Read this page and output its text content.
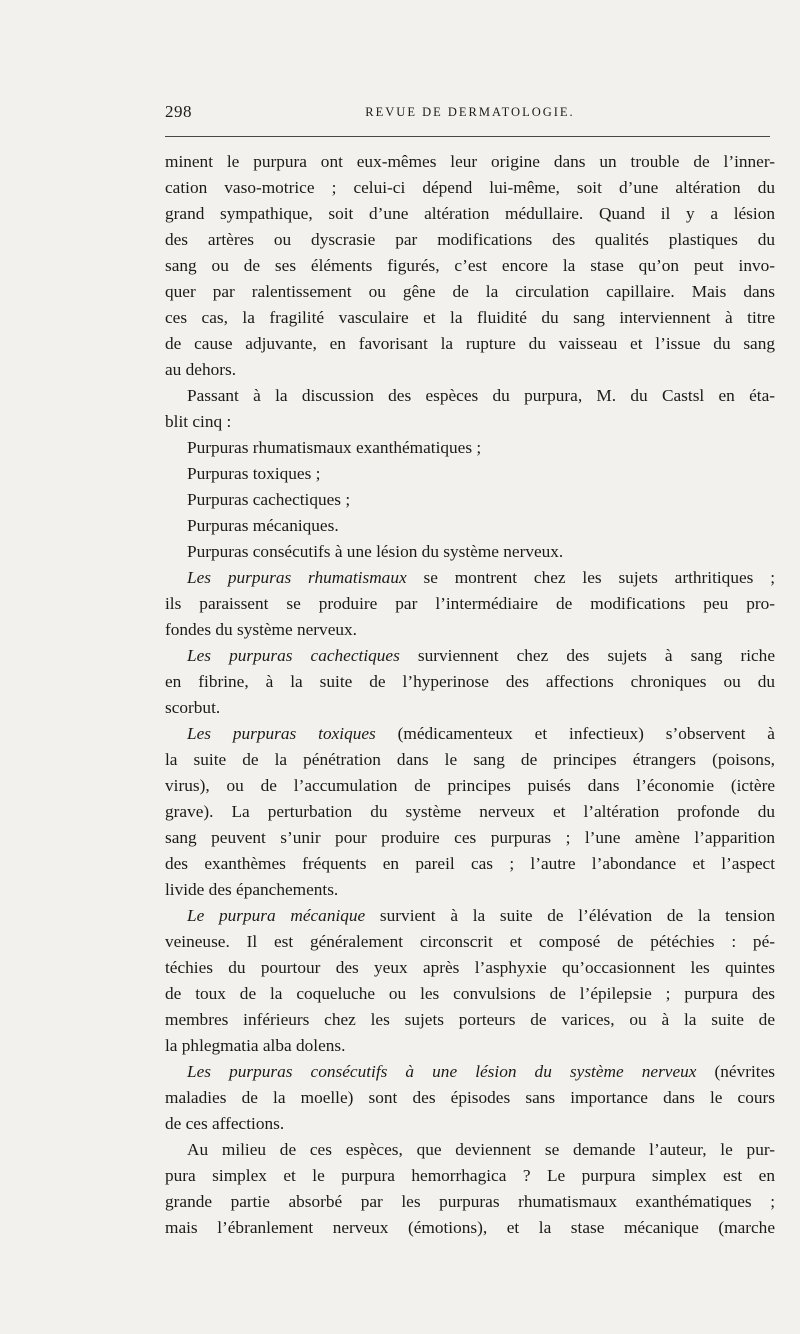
298	REVUE DE DERMATOLOGIE.
minent le purpura ont eux-mêmes leur origine dans un trouble de l’inner-
cation vaso-motrice ; celui-ci dépend lui-même, soit d’une altération du
grand sympathique, soit d’une altération médullaire. Quand il y a lésion
des artères ou dyscrasie par modifications des qualités plastiques du
sang ou de ses éléments figurés, c’est encore la stase qu’on peut invo-
quer par ralentissement ou gêne de la circulation capillaire. Mais dans
ces cas, la fragilité vasculaire et la fluidité du sang interviennent à titre
de cause adjuvante, en favorisant la rupture du vaisseau et l’issue du sang
au dehors.
Passant à la discussion des espèces du purpura, M. du Castsl en éta-
blit cinq :
Purpuras rhumatismaux exanthématiques ;
Purpuras toxiques ;
Purpuras cachectiques ;
Purpuras mécaniques.
Purpuras consécutifs à une lésion du système nerveux.
Les purpuras rhumatismaux se montrent chez les sujets arthritiques ;
ils paraissent se produire par l’intermédiaire de modifications peu pro-
fondes du système nerveux.
Les purpuras cachectiques surviennent chez des sujets à sang riche
en fibrine, à la suite de l’hyperinose des affections chroniques ou du
scorbut.
Les purpuras toxiques (médicamenteux et infectieux) s’observent à
la suite de la pénétration dans le sang de principes étrangers (poisons,
virus), ou de l’accumulation de principes puisés dans l’économie (ictère
grave). La perturbation du système nerveux et l’altération profonde du
sang peuvent s’unir pour produire ces purpuras ; l’une amène l’apparition
des exanthèmes fréquents en pareil cas ; l’autre l’abondance et l’aspect
livide des épanchements.
Le purpura mécanique survient à la suite de l’élévation de la tension
veineuse. Il est généralement circonscrit et composé de pétéchies : pé-
téchies du pourtour des yeux après l’asphyxie qu’occasionnent les quintes
de toux de la coqueluche ou les convulsions de l’épilepsie ; purpura des
membres inférieurs chez les sujets porteurs de varices, ou à la suite de
la phlegmatia alba dolens.
Les purpuras consécutifs à une lésion du système nerveux (névrites
maladies de la moelle) sont des épisodes sans importance dans le cours
de ces affections.
Au milieu de ces espèces, que deviennent se demande l’auteur, le pur-
pura simplex et le purpura hemorrhagica ? Le purpura simplex est en
grande partie absorbé par les purpuras rhumatismaux exanthématiques ;
mais l’ébranlement nerveux (émotions), et la stase mécanique (marche
